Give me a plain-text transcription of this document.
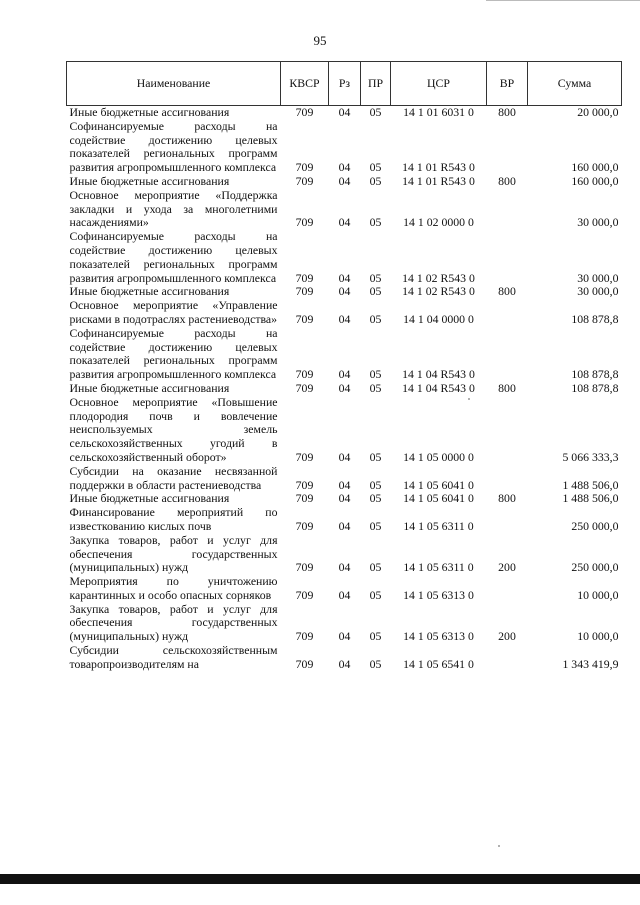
95
Наименование	КВСР	Рз	ПР	ЦСР	ВР	Сумма
Иные бюджетные ассигнования	709	04	05	14 1 01 6031 0	800	20 000,0
Софинансируемые расходы на содействие достижению целевых показателей региональных программ развития агропромышленного комплекса	709	04	05	14 1 01 R543 0		160 000,0
Иные бюджетные ассигнования	709	04	05	14 1 01 R543 0	800	160 000,0
Основное мероприятие «Поддержка закладки и ухода за многолетними насаждениями»	709	04	05	14 1 02 0000 0		30 000,0
Софинансируемые расходы на содействие достижению целевых показателей региональных программ развития агропромышленного комплекса	709	04	05	14 1 02 R543 0		30 000,0
Иные бюджетные ассигнования	709	04	05	14 1 02 R543 0	800	30 000,0
Основное мероприятие «Управление рисками в подотраслях растениеводства»	709	04	05	14 1 04 0000 0		108 878,8
Софинансируемые расходы на содействие достижению целевых показателей региональных программ развития агропромышленного комплекса	709	04	05	14 1 04 R543 0		108 878,8
Иные бюджетные ассигнования	709	04	05	14 1 04 R543 0	800	108 878,8
Основное мероприятие «Повышение плодородия почв и вовлечение неиспользуемых земель сельскохозяйственных угодий в сельскохозяйственный оборот»	709	04	05	14 1 05 0000 0		5 066 333,3
Субсидии на оказание несвязанной поддержки в области растениеводства	709	04	05	14 1 05 6041 0		1 488 506,0
Иные бюджетные ассигнования	709	04	05	14 1 05 6041 0	800	1 488 506,0
Финансирование мероприятий по известкованию кислых почв	709	04	05	14 1 05 6311 0		250 000,0
Закупка товаров, работ и услуг для обеспечения государственных (муниципальных) нужд	709	04	05	14 1 05 6311 0	200	250 000,0
Мероприятия по уничтожению карантинных и особо опасных сорняков	709	04	05	14 1 05 6313 0		10 000,0
Закупка товаров, работ и услуг для обеспечения государственных (муниципальных) нужд	709	04	05	14 1 05 6313 0	200	10 000,0
Субсидии сельскохозяйственным товаропроизводителям на	709	04	05	14 1 05 6541 0		1 343 419,9
